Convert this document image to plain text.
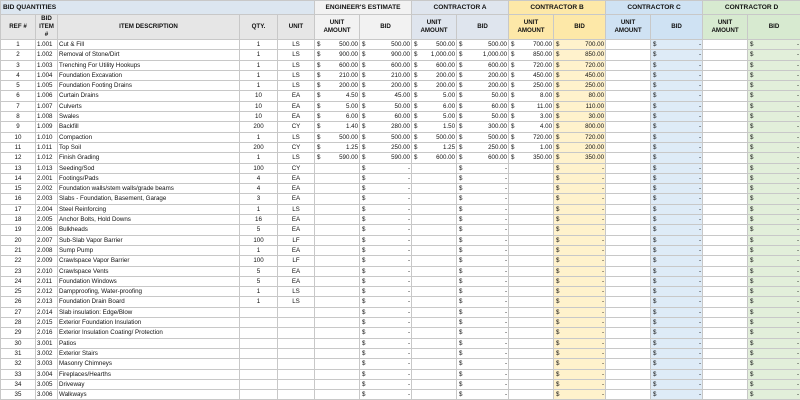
BID QUANTITIES					ENGINEER'S ESTIMATE		CONTRACTOR A		CONTRACTOR B		CONTRACTOR C		CONTRACTOR D	
REF #	BID ITEM #	ITEM DESCRIPTION	QTY.	UNIT	UNIT AMOUNT	BID	UNIT AMOUNT	BID	UNIT AMOUNT	BID	UNIT AMOUNT	BID	UNIT AMOUNT	BID
1	1.001	Cut & Fill	1	LS	$ 500.00	$ 500.00	$ 500.00	$ 500.00	$ 700.00	$ 700.00		$ -		$ -

2	1.002	Removal of Stone/Dirt	1	LS	$ 900.00	$ 900.00	$ 1,000.00	$ 1,000.00	$ 850.00	$ 850.00		$ -		$ -

3	1.003	Trenching For Utility Hookups	1	LS	$ 600.00	$ 600.00	$ 600.00	$ 600.00	$ 720.00	$ 720.00		$ -		$ -

4	1.004	Foundation Excavation	1	LS	$ 210.00	$ 210.00	$ 200.00	$ 200.00	$ 450.00	$ 450.00		$ -		$ -

5	1.005	Foundation Footing Drains	1	LS	$ 200.00	$ 200.00	$ 200.00	$ 200.00	$ 250.00	$ 250.00		$ -		$ -

6	1.006	Curtain Drains	10	EA	$ 4.50	$ 45.00	$ 5.00	$ 50.00	$ 8.00	$ 80.00		$ -		$ -

7	1.007	Culverts	10	EA	$ 5.00	$ 50.00	$ 6.00	$ 60.00	$ 11.00	$ 110.00		$ -		$ -

8	1.008	Swales	10	EA	$ 6.00	$ 60.00	$ 5.00	$ 50.00	$ 3.00	$ 30.00		$ -		$ -

9	1.009	Backfill	200	CY	$ 1.40	$ 280.00	$ 1.50	$ 300.00	$ 4.00	$ 800.00		$ -		$ -

10	1.010	Compaction	1	LS	$ 500.00	$ 500.00	$ 500.00	$ 500.00	$ 720.00	$ 720.00		$ -		$ -

11	1.011	Top Soil	200	CY	$ 1.25	$ 250.00	$ 1.25	$ 250.00	$ 1.00	$ 200.00		$ -		$ -

12	1.012	Finish Grading	1	LS	$ 590.00	$ 590.00	$ 600.00	$ 600.00	$ 350.00	$ 350.00		$ -		$ -

13	1.013	Seeding/Sod	100	CY		$ -		$ -		$ -		$ -		$ -

14	2.001	Footings/Pads	4	EA		$ -		$ -		$ -		$ -		$ -

15	2.002	Foundation walls/stem walls/grade beams	4	EA		$ -		$ -		$ -		$ -		$ -

16	2.003	Slabs - Foundation, Basement, Garage	3	EA		$ -		$ -		$ -		$ -		$ -

17	2.004	Steel Reinforcing	1	LS		$ -		$ -		$ -		$ -		$ -

18	2.005	Anchor Bolts, Hold Downs	16	EA		$ -		$ -		$ -		$ -		$ -

19	2.006	Bulkheads	5	EA		$ -		$ -		$ -		$ -		$ -

20	2.007	Sub-Slab Vapor Barrier	100	LF		$ -		$ -		$ -		$ -		$ -

21	2.008	Sump Pump	1	EA		$ -		$ -		$ -		$ -		$ -

22	2.009	Crawlspace Vapor Barrier	100	LF		$ -		$ -		$ -		$ -		$ -

23	2.010	Crawlspace Vents	5	EA		$ -		$ -		$ -		$ -		$ -

24	2.011	Foundation Windows	5	EA		$ -		$ -		$ -		$ -		$ -

25	2.012	Dampproofing, Water-proofing	1	LS		$ -		$ -		$ -		$ -		$ -

26	2.013	Foundation Drain Board	1	LS		$ -		$ -		$ -		$ -		$ -

27	2.014	Slab insulation: Edge/Blow				$ -		$ -		$ -		$ -		$ -

28	2.015	Exterior Foundation Insulation				$ -		$ -		$ -		$ -		$ -

29	2.016	Exterior Insulation Coating/ Protection				$ -		$ -		$ -		$ -		$ -

30	3.001	Patios				$ -		$ -		$ -		$ -		$ -

31	3.002	Exterior Stairs				$ -		$ -		$ -		$ -		$ -

32	3.003	Masonry Chimneys				$ -		$ -		$ -		$ -		$ -

33	3.004	Fireplaces/Hearths				$ -		$ -		$ -		$ -		$ -

34	3.005	Driveway				$ -		$ -		$ -		$ -		$ -

35	3.006	Walkways				$ -		$ -		$ -		$ -		$ -
